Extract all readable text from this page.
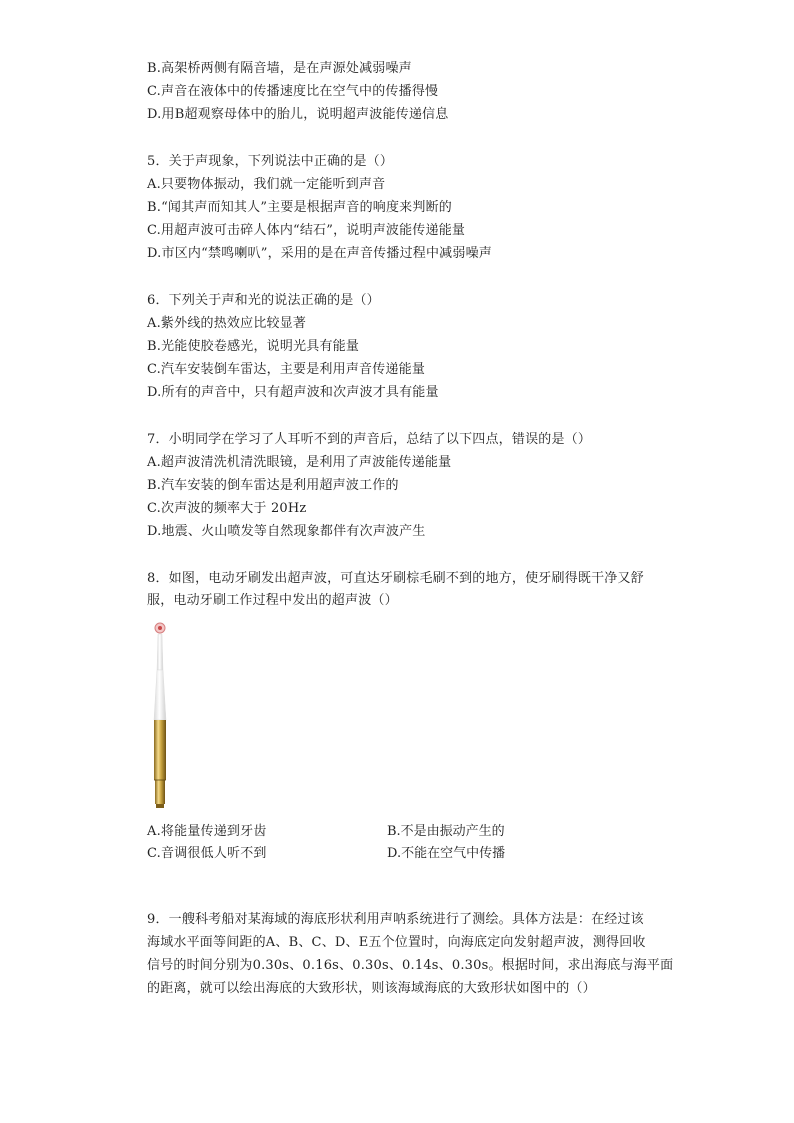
B.高架桥两侧有隔音墙，是在声源处减弱噪声
C.声音在液体中的传播速度比在空气中的传播得慢
D.用B超观察母体中的胎儿，说明超声波能传递信息
5．关于声现象，下列说法中正确的是（）
A.只要物体振动，我们就一定能听到声音
B.“闻其声而知其人”主要是根据声音的响度来判断的
C.用超声波可击碎人体内“结石”，说明声波能传递能量
D.市区内“禁鸣喇叭”，采用的是在声音传播过程中减弱噪声
6．下列关于声和光的说法正确的是（）
A.紫外线的热效应比较显著
B.光能使胶卷感光，说明光具有能量
C.汽车安装倒车雷达，主要是利用声音传递能量
D.所有的声音中，只有超声波和次声波才具有能量
7．小明同学在学习了人耳听不到的声音后，总结了以下四点，错误的是（）
A.超声波清洗机清洗眼镜，是利用了声波能传递能量
B.汽车安装的倒车雷达是利用超声波工作的
C.次声波的频率大于 20Hz
D.地震、火山喷发等自然现象都伴有次声波产生
8．如图，电动牙刷发出超声波，可直达牙刷棕毛刷不到的地方，使牙刷得既干净又舒
服，电动牙刷工作过程中发出的超声波（）
A.将能量传递到牙齿	B.不是由振动产生的
C.音调很低人听不到	D.不能在空气中传播
9．一艘科考船对某海域的海底形状利用声呐系统进行了测绘。具体方法是：在经过该
海域水平面等间距的A、B、C、D、E五个位置时，向海底定向发射超声波，测得回收
信号的时间分别为0.30s、0.16s、0.30s、0.14s、0.30s。根据时间，求出海底与海平面
的距离，就可以绘出海底的大致形状，则该海域海底的大致形状如图中的（）
